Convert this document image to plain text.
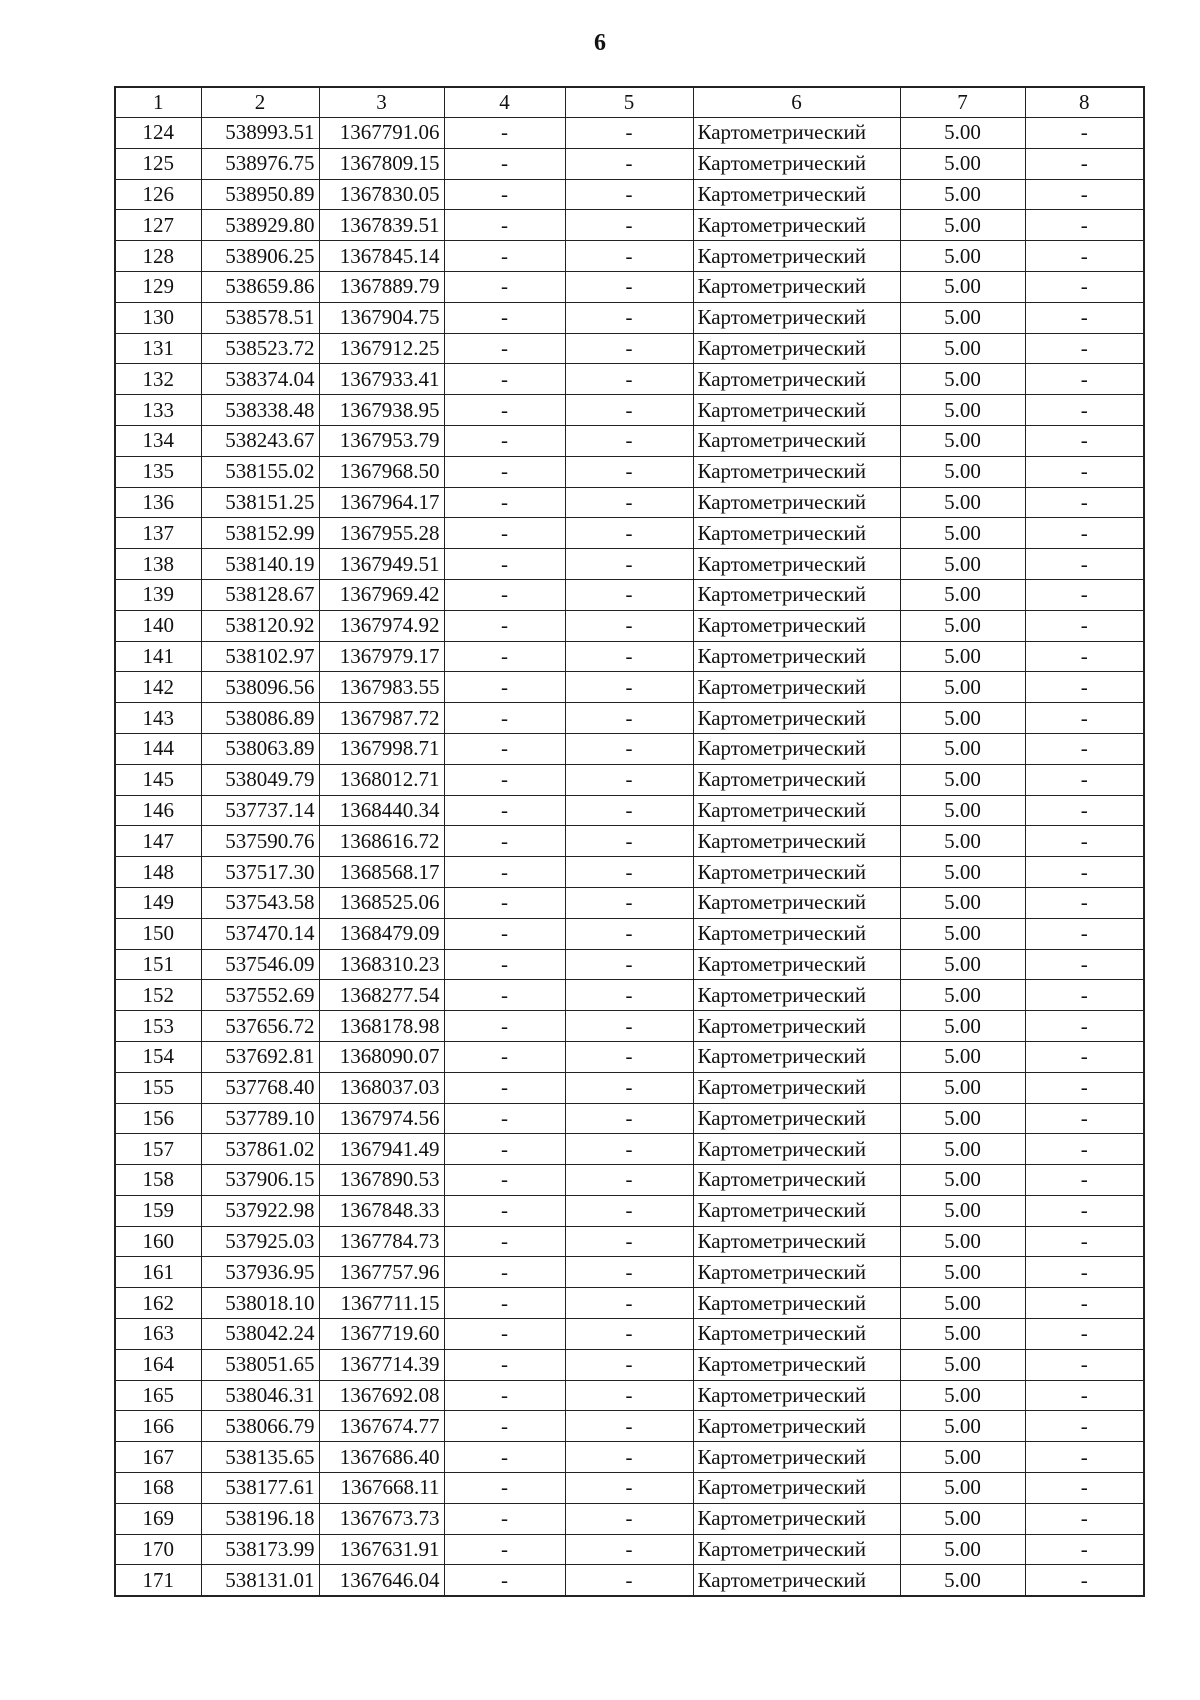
6
1	2	3	4	5	6	7	8
124	538993.51	1367791.06	-	-	Картометрический	5.00	-
125	538976.75	1367809.15	-	-	Картометрический	5.00	-
126	538950.89	1367830.05	-	-	Картометрический	5.00	-
127	538929.80	1367839.51	-	-	Картометрический	5.00	-
128	538906.25	1367845.14	-	-	Картометрический	5.00	-
129	538659.86	1367889.79	-	-	Картометрический	5.00	-
130	538578.51	1367904.75	-	-	Картометрический	5.00	-
131	538523.72	1367912.25	-	-	Картометрический	5.00	-
132	538374.04	1367933.41	-	-	Картометрический	5.00	-
133	538338.48	1367938.95	-	-	Картометрический	5.00	-
134	538243.67	1367953.79	-	-	Картометрический	5.00	-
135	538155.02	1367968.50	-	-	Картометрический	5.00	-
136	538151.25	1367964.17	-	-	Картометрический	5.00	-
137	538152.99	1367955.28	-	-	Картометрический	5.00	-
138	538140.19	1367949.51	-	-	Картометрический	5.00	-
139	538128.67	1367969.42	-	-	Картометрический	5.00	-
140	538120.92	1367974.92	-	-	Картометрический	5.00	-
141	538102.97	1367979.17	-	-	Картометрический	5.00	-
142	538096.56	1367983.55	-	-	Картометрический	5.00	-
143	538086.89	1367987.72	-	-	Картометрический	5.00	-
144	538063.89	1367998.71	-	-	Картометрический	5.00	-
145	538049.79	1368012.71	-	-	Картометрический	5.00	-
146	537737.14	1368440.34	-	-	Картометрический	5.00	-
147	537590.76	1368616.72	-	-	Картометрический	5.00	-
148	537517.30	1368568.17	-	-	Картометрический	5.00	-
149	537543.58	1368525.06	-	-	Картометрический	5.00	-
150	537470.14	1368479.09	-	-	Картометрический	5.00	-
151	537546.09	1368310.23	-	-	Картометрический	5.00	-
152	537552.69	1368277.54	-	-	Картометрический	5.00	-
153	537656.72	1368178.98	-	-	Картометрический	5.00	-
154	537692.81	1368090.07	-	-	Картометрический	5.00	-
155	537768.40	1368037.03	-	-	Картометрический	5.00	-
156	537789.10	1367974.56	-	-	Картометрический	5.00	-
157	537861.02	1367941.49	-	-	Картометрический	5.00	-
158	537906.15	1367890.53	-	-	Картометрический	5.00	-
159	537922.98	1367848.33	-	-	Картометрический	5.00	-
160	537925.03	1367784.73	-	-	Картометрический	5.00	-
161	537936.95	1367757.96	-	-	Картометрический	5.00	-
162	538018.10	1367711.15	-	-	Картометрический	5.00	-
163	538042.24	1367719.60	-	-	Картометрический	5.00	-
164	538051.65	1367714.39	-	-	Картометрический	5.00	-
165	538046.31	1367692.08	-	-	Картометрический	5.00	-
166	538066.79	1367674.77	-	-	Картометрический	5.00	-
167	538135.65	1367686.40	-	-	Картометрический	5.00	-
168	538177.61	1367668.11	-	-	Картометрический	5.00	-
169	538196.18	1367673.73	-	-	Картометрический	5.00	-
170	538173.99	1367631.91	-	-	Картометрический	5.00	-
171	538131.01	1367646.04	-	-	Картометрический	5.00	-
